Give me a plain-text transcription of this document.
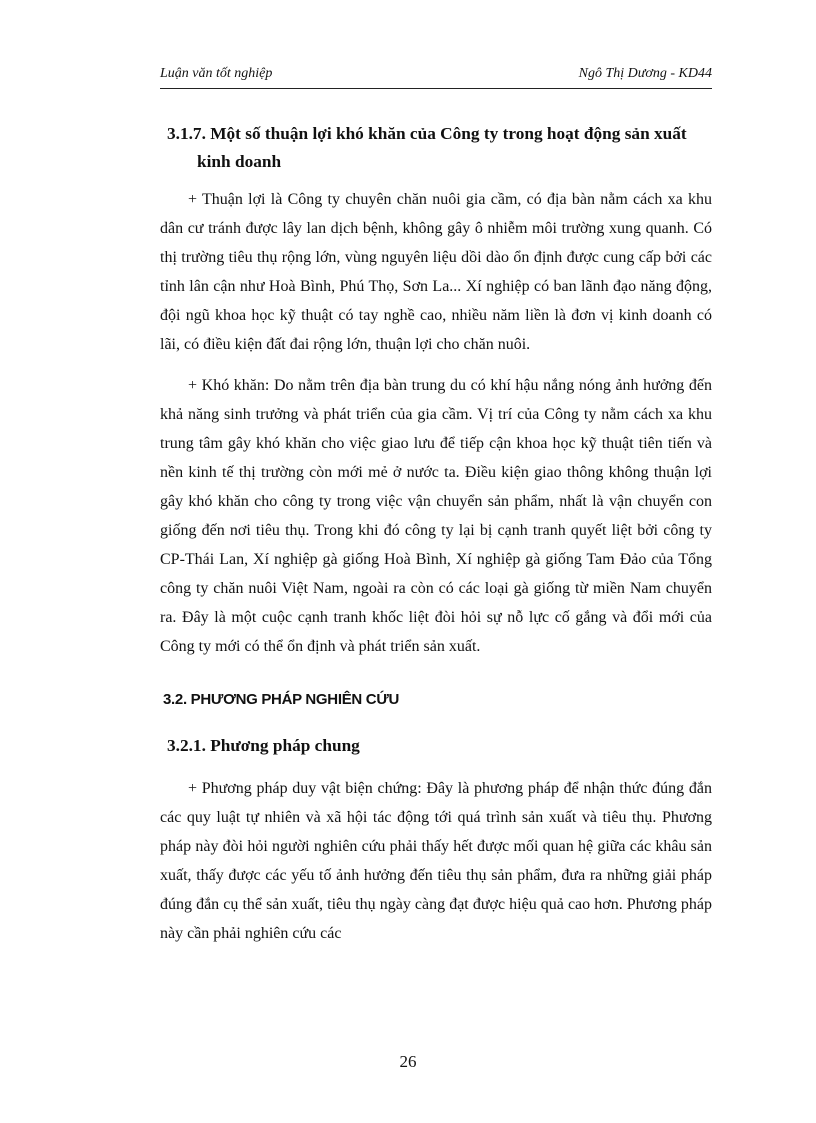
Luận văn tốt nghiệp	Ngô Thị Dương - KD44
3.1.7. Một số thuận lợi khó khăn của Công ty trong hoạt động sản xuất kinh doanh

+ Thuận lợi là Công ty chuyên chăn nuôi gia cầm, có địa bàn nằm cách xa khu dân cư tránh được lây lan dịch bệnh, không gây ô nhiễm môi trường xung quanh. Có thị trường tiêu thụ rộng lớn, vùng nguyên liệu dồi dào ổn định được cung cấp bởi các tỉnh lân cận như Hoà Bình, Phú Thọ, Sơn La... Xí nghiệp có ban lãnh đạo năng động, đội ngũ khoa học kỹ thuật có tay nghề cao, nhiều năm liền là đơn vị kinh doanh có lãi, có điều kiện đất đai rộng lớn, thuận lợi cho chăn nuôi.

+ Khó khăn: Do nằm trên địa bàn trung du có khí hậu nắng nóng ảnh hưởng đến khả năng sinh trưởng và phát triển của gia cầm. Vị trí của Công ty nằm cách xa khu trung tâm gây khó khăn cho việc giao lưu để tiếp cận khoa học kỹ thuật tiên tiến và nền kinh tế thị trường còn mới mẻ ở nước ta. Điều kiện giao thông không thuận lợi gây khó khăn cho công ty trong việc vận chuyển sản phẩm, nhất là vận chuyển con giống đến nơi tiêu thụ. Trong khi đó công ty lại bị cạnh tranh quyết liệt bởi công ty CP-Thái Lan, Xí nghiệp gà giống Hoà Bình, Xí nghiệp gà giống Tam Đảo của Tổng công ty chăn nuôi Việt Nam, ngoài ra còn có các loại gà giống từ miền Nam chuyển ra. Đây là một cuộc cạnh tranh khốc liệt đòi hỏi sự nỗ lực cố gắng và đổi mới của Công ty mới có thể ổn định và phát triển sản xuất.

3.2. PHƯƠNG PHÁP NGHIÊN CỨU
3.2.1. Phương pháp chung

+ Phương pháp duy vật biện chứng: Đây là phương pháp để nhận thức đúng đắn các quy luật tự nhiên và xã hội tác động tới quá trình sản xuất và tiêu thụ. Phương pháp này đòi hỏi người nghiên cứu phải thấy hết được mối quan hệ giữa các khâu sản xuất, thấy được các yếu tố ảnh hưởng đến tiêu thụ sản phẩm, đưa ra những giải pháp đúng đắn cụ thể sản xuất, tiêu thụ ngày càng đạt được hiệu quả cao hơn. Phương pháp này cần phải nghiên cứu các

26
